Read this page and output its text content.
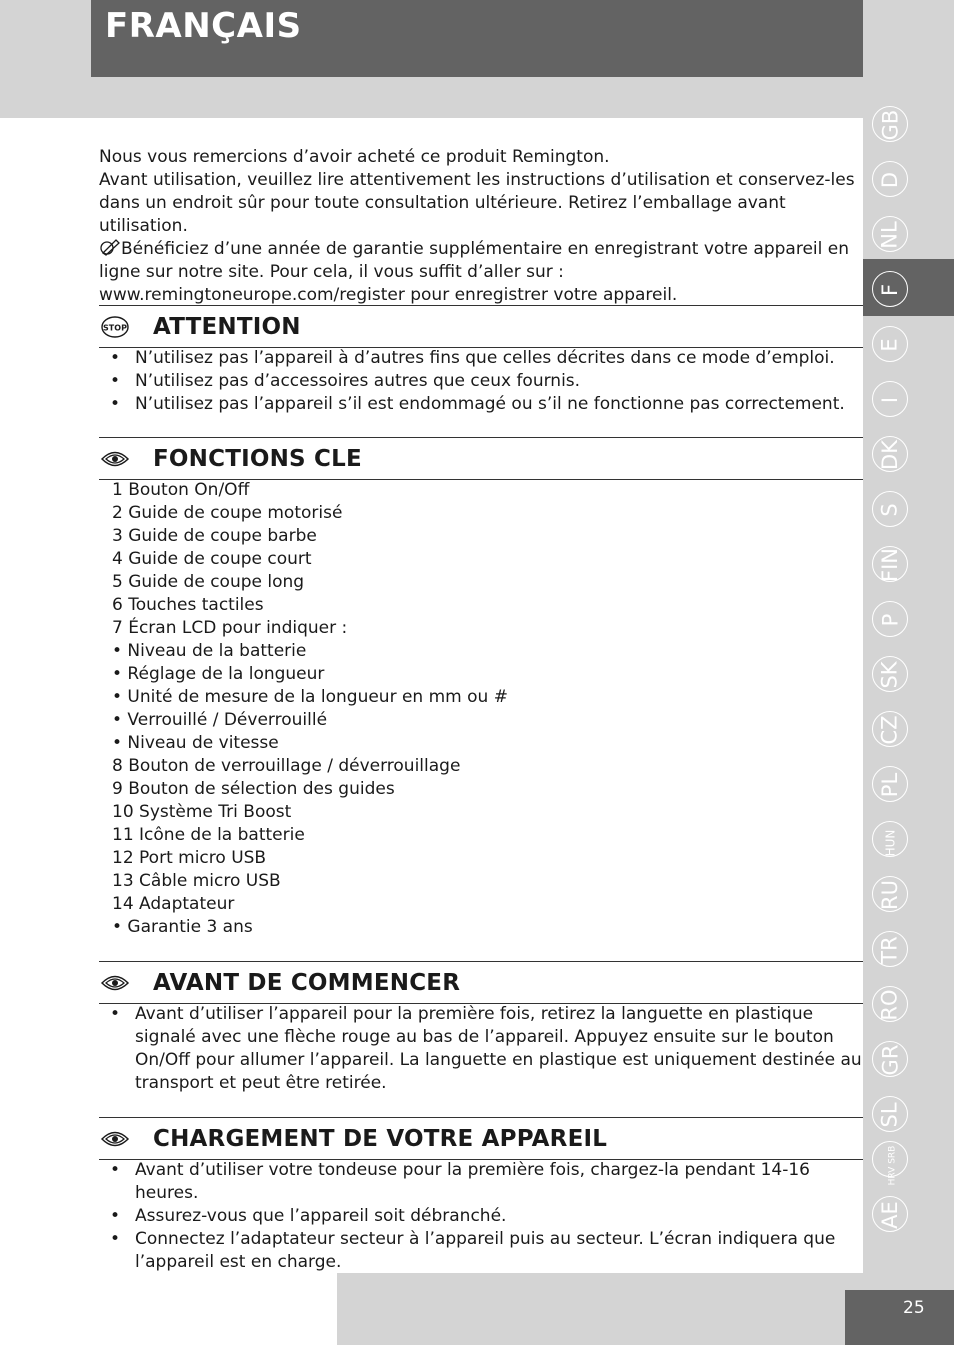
FRANÇAIS

Nous vous remercions d’avoir acheté ce produit Remington.

Avant utilisation, veuillez lire attentivement les instructions d’utilisation et conservez-les dans un endroit sûr pour toute consultation ultérieure. Retirez l’emballage avant utilisation.

Bénéficiez d’une année de garantie supplémentaire en enregistrant votre appareil en ligne sur notre site. Pour cela, il vous suffit d’aller sur : www.remingtoneurope.com/register pour enregistrer votre appareil.

STOP ATTENTION
• N’utilisez pas l’appareil à d’autres fins que celles décrites dans ce mode d’emploi.
• N’utilisez pas d’accessoires autres que ceux fournis.
• N’utilisez pas l’appareil s’il est endommagé ou s’il ne fonctionne pas correctement.
FONCTIONS CLE
1 Bouton On/Off
2 Guide de coupe motorisé
3 Guide de coupe barbe
4 Guide de coupe court
5 Guide de coupe long
6 Touches tactiles
7 Écran LCD pour indiquer :
• Niveau de la batterie
• Réglage de la longueur
• Unité de mesure de la longueur en mm ou #
• Verrouillé / Déverrouillé
• Niveau de vitesse
8 Bouton de verrouillage / déverrouillage
9 Bouton de sélection des guides
10 Système Tri Boost
11 Icône de la batterie
12 Port micro USB
13 Câble micro USB
14 Adaptateur
• Garantie 3 ans
AVANT DE COMMENCER
• Avant d’utiliser l’appareil pour la première fois, retirez la languette en plastique signalé avec une flèche rouge au bas de l’appareil. Appuyez ensuite sur le bouton On/Off pour allumer l’appareil. La languette en plastique est uniquement destinée au transport et peut être retirée.
CHARGEMENT DE VOTRE APPAREIL
• Avant d’utiliser votre tondeuse pour la première fois, chargez-la pendant 14-16 heures.
• Assurez-vous que l’appareil soit débranché.
• Connectez l’adaptateur secteur à l’appareil puis au secteur. L’écran indiquera que l’appareil est en charge.
GB
D
NL
F
E
I
DK
S
FIN
P
SK
CZ
PL
HUN
RU
TR
RO
GR
SL
HRV SRB
AE
25
